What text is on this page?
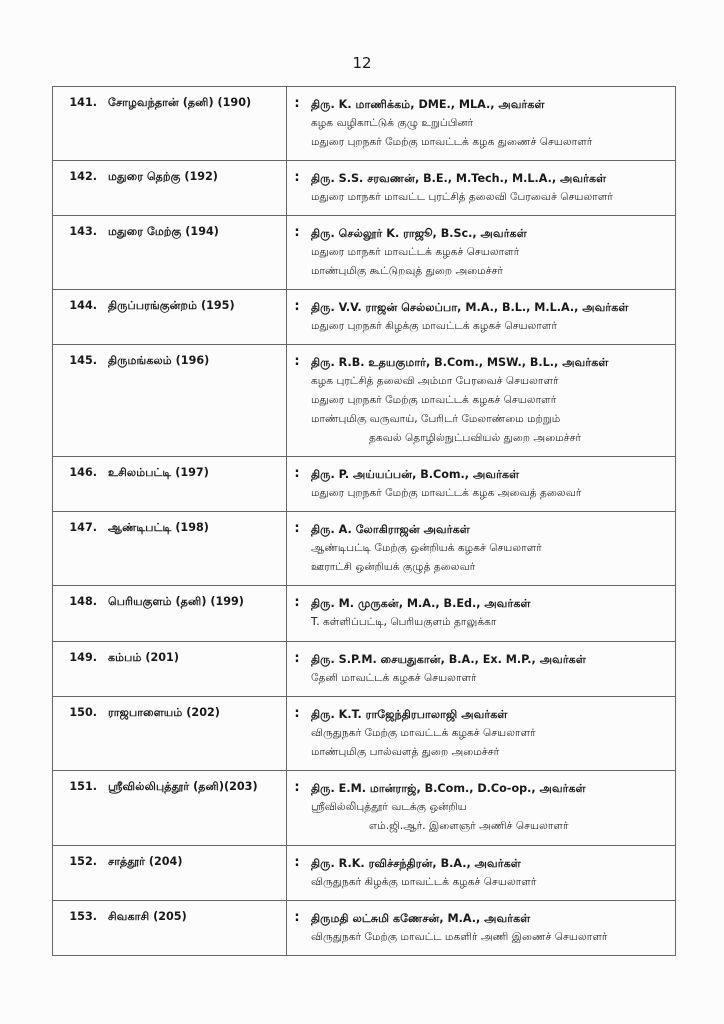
12
141.	சோழவந்தான் (தனி) (190)	:	திரு. K. மாணிக்கம், DME., MLA., அவர்கள்
கழக வழிகாட்டுக் குழு உறுப்பினர்
மதுரை புறநகர் மேற்கு மாவட்டக் கழக துணைச் செயலாளர்

142.	மதுரை தெற்கு (192)	:	திரு. S.S. சரவணன், B.E., M.Tech., M.L.A., அவர்கள்
மதுரை மாநகர் மாவட்ட புரட்சித் தலைவி பேரவைச் செயலாளர்

143.	மதுரை மேற்கு (194)	:	திரு. செல்லூர் K. ராஜூ, B.Sc., அவர்கள்
மதுரை மாநகர் மாவட்டக் கழகச் செயலாளர்
மாண்புமிகு கூட்டுறவுத் துறை அமைச்சர்

144.	திருப்பரங்குன்றம் (195)	:	திரு. V.V. ராஜன் செல்லப்பா, M.A., B.L., M.L.A., அவர்கள்
மதுரை புறநகர் கிழக்கு மாவட்டக் கழகச் செயலாளர்

145.	திருமங்கலம் (196)	:	திரு. R.B. உதயகுமார், B.Com., MSW., B.L., அவர்கள்
கழக புரட்சித் தலைவி அம்மா பேரவைச் செயலாளர்
மதுரை புறநகர் மேற்கு மாவட்டக் கழகச் செயலாளர்
மாண்புமிகு வருவாய், பேரிடர் மேலாண்மை மற்றும்
தகவல் தொழில்நுட்பவியல் துறை அமைச்சர்

146.	உசிலம்பட்டி (197)	:	திரு. P. அய்யப்பன், B.Com., அவர்கள்
மதுரை புறநகர் மேற்கு மாவட்டக் கழக அவைத் தலைவர்

147.	ஆண்டிபட்டி (198)	:	திரு. A. லோகிராஜன் அவர்கள்
ஆண்டிபட்டி மேற்கு ஒன்றியக் கழகச் செயலாளர்
ஊராட்சி ஒன்றியக் குழுத் தலைவர்

148.	பெரியகுளம் (தனி) (199)	:	திரு. M. முருகன், M.A., B.Ed., அவர்கள்
T. கள்ளிப்பட்டி, பெரியகுளம் தாலுக்கா

149.	கம்பம் (201)	:	திரு. S.P.M. சையதுகான், B.A., Ex. M.P., அவர்கள்
தேனி மாவட்டக் கழகச் செயலாளர்

150.	ராஜபாளையம் (202)	:	திரு. K.T. ராஜேந்திரபாலாஜி அவர்கள்
விருதுநகர் மேற்கு மாவட்டக் கழகச் செயலாளர்
மாண்புமிகு பால்வளத் துறை அமைச்சர்

151.	ஸ்ரீவில்லிபுத்தூர் (தனி)(203)	:	திரு. E.M. மான்ராஜ், B.Com., D.Co-op., அவர்கள்
ஸ்ரீவில்லிபுத்தூர் வடக்கு ஒன்றிய
எம்.ஜி.ஆர். இளைஞர் அணிச் செயலாளர்

152.	சாத்தூர் (204)	:	திரு. R.K. ரவிச்சந்திரன், B.A., அவர்கள்
விருதுநகர் கிழக்கு மாவட்டக் கழகச் செயலாளர்

153.	சிவகாசி (205)	:	திருமதி லட்சுமி கணேசன், M.A., அவர்கள்
விருதுநகர் மேற்கு மாவட்ட மகளிர் அணி இணைச் செயலாளர்
